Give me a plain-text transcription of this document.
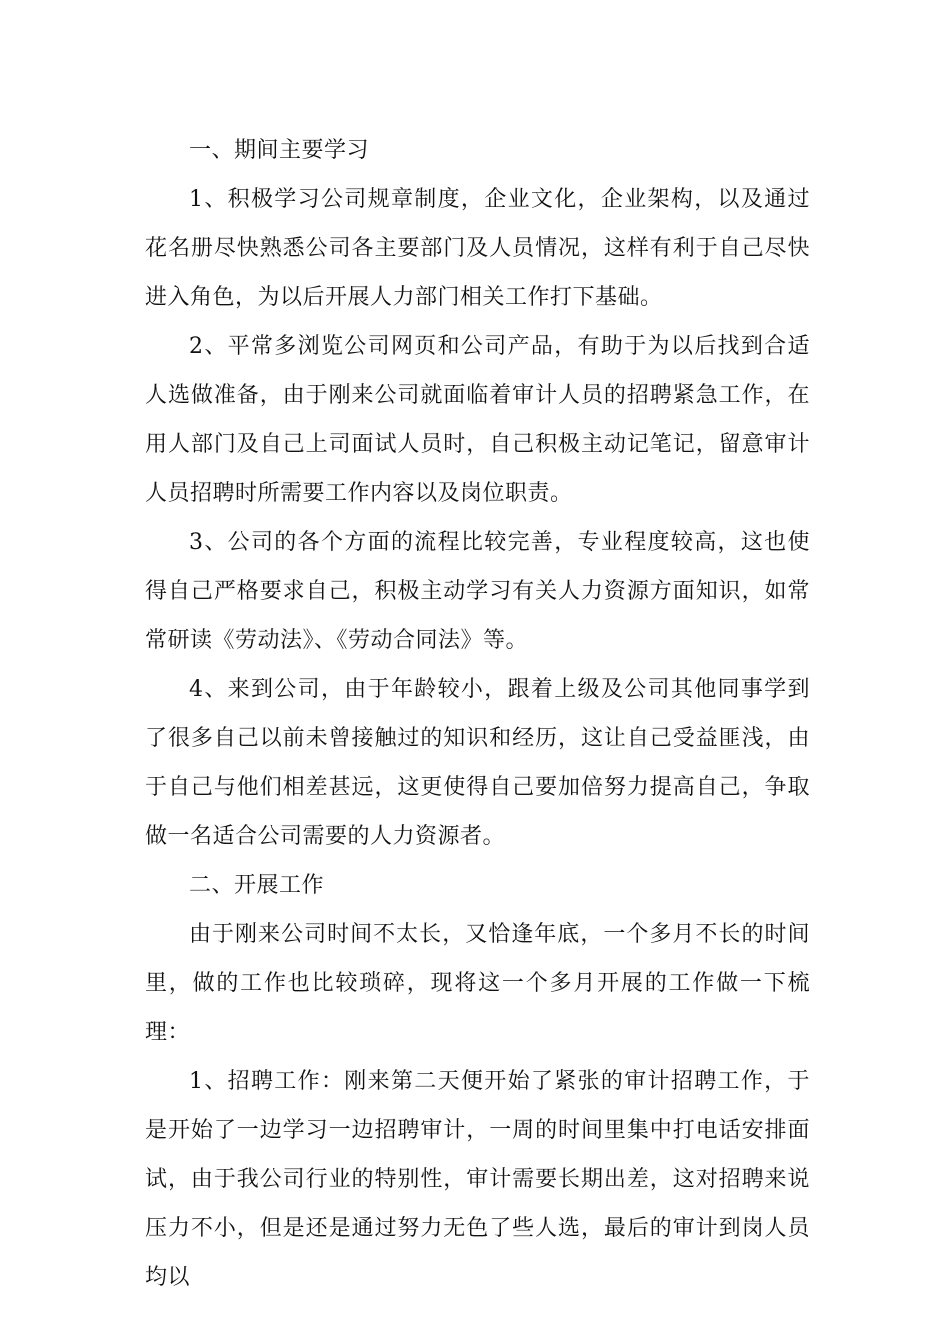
一、期间主要学习

1、积极学习公司规章制度，企业文化，企业架构，以及通过花名册尽快熟悉公司各主要部门及人员情况，这样有利于自己尽快进入角色，为以后开展人力部门相关工作打下基础。

2、平常多浏览公司网页和公司产品，有助于为以后找到合适人选做准备，由于刚来公司就面临着审计人员的招聘紧急工作，在用人部门及自己上司面试人员时，自己积极主动记笔记，留意审计人员招聘时所需要工作内容以及岗位职责。

3、公司的各个方面的流程比较完善，专业程度较高，这也使得自己严格要求自己，积极主动学习有关人力资源方面知识，如常常研读《劳动法》、《劳动合同法》等。

4、来到公司，由于年龄较小，跟着上级及公司其他同事学到了很多自己以前未曾接触过的知识和经历，这让自己受益匪浅，由于自己与他们相差甚远，这更使得自己要加倍努力提高自己，争取做一名适合公司需要的人力资源者。

二、开展工作

由于刚来公司时间不太长，又恰逢年底，一个多月不长的时间里，做的工作也比较琐碎，现将这一个多月开展的工作做一下梳理：

1、招聘工作：刚来第二天便开始了紧张的审计招聘工作，于是开始了一边学习一边招聘审计，一周的时间里集中打电话安排面试，由于我公司行业的特别性，审计需要长期出差，这对招聘来说压力不小，但是还是通过努力无色了些人选，最后的审计到岗人员均以
